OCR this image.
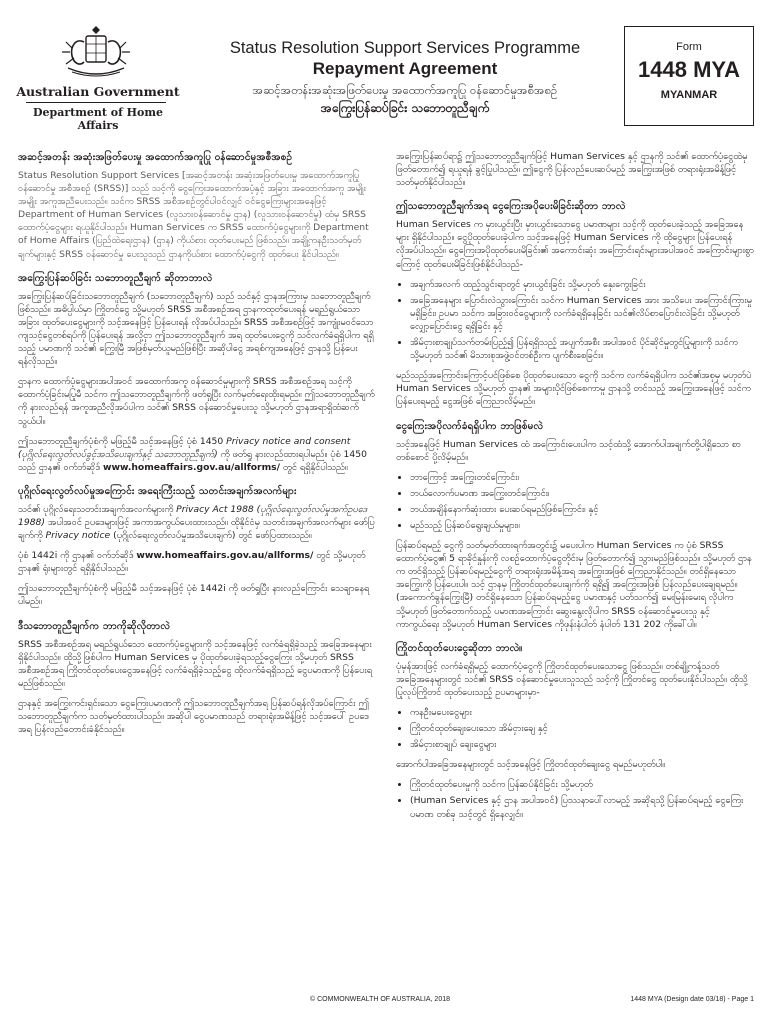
Australian Government
Department of Home Affairs
Status Resolution Support Services Programme
Repayment Agreement
အဆင့်အတန်းအဆုံးအဖြတ်ပေးမှု အထောက်အကူပြု ဝန်ဆောင်မှုအစီအစဉ်
အကြွေးပြန်ဆပ်ခြင်း သဘောတူညီချက်
Form
1448 MYA
MYANMAR
အဆင့်အတန်း အဆုံးအဖြတ်ပေးမှု အထောက်အကူပြု ဝန်ဆောင်မှုအစီအစဉ်

Status Resolution Support Services [အဆင့်အတန်း အဆုံးအဖြတ်ပေးမှု အထောက်အကူပြုဝန်ဆောင်မှု အစီအစဉ် (SRSS)] သည် သင့်ကို ငွေကြေးအထောက်အပံ့နှင့် အခြား အထောက်အကူ အမျိုးအမျိုး အကူအညီပေးသည်။ သင်က SRSS အစီအစဉ်တွင်ပါဝင်လျှင် ဝင်ငွေကြေးများအနေဖြင့် Department of Human Services (လူသားဝန်ဆောင်မှု ဌာန) (လူသားဝန်ဆောင်မှု) ထံမှ SRSS ထောက်ပံ့ငွေများ ရယူနိုင်ပါသည်။ Human Services က SRSS ထောက်ပံ့ငွေများကို Department of Home Affairs (ပြည်ထဲရေးဌာန) (ဌာန) ကိုယ်စား ထုတ်ပေးမည် ဖြစ်သည်။ အချို့ကနဦးသတ်မှတ်ချက်များနှင့် SRSS ဝန်ဆောင်မှု ပေးသူသည် ဌာနကိုယ်စား ထောက်ပံ့ငွေကို ထုတ်ပေး နိုင်ပါသည်။

အကြွေးပြန်ဆပ်ခြင်း သဘောတူညီချက် ဆိုတာဘာလဲ

အကြွေးပြန်ဆပ်ခြင်းသဘောတူညီချက် (သဘောတူညီချက်) သည် သင်နှင့် ဌာနအကြားမှ သဘောတူညီချက်ဖြစ်သည်။ အဓိပ္ပါယ်မှာ ကြိုတင်ငွေ သို့မဟုတ် SRSS အစီအစဉ်အရ ဌာနကထုတ်ပေးရန် မရည်ရွယ်သော အခြား ထုတ်ပေးငွေများကို သင့်အနေဖြင့် ပြန်ပေးရန် လိုအပ်ပါသည်။ SRSS အစီအစဉ်ဖြင့် အကျုံးမဝင်သော ကျသင့်ငွေတစ်ရပ်ကို ပြန်ပေးရန် အလို့ငှာ ဤသဘောတူညီချက် အရ ထုတ်ပေးငွေကို သင်လက်ခံရရှိပါက ရရှိသည့် ပမာဏကို သင်၏ ကြွေးမြီ အဖြစ်မှတ်ယူမည်ဖြစ်ပြီး အဆိုပါငွေ အရစ်ကျအနေဖြင့် ဌာနသို့ ပြန်ပေးရန်လိုသည်။

ဌာနက ထောက်ပံ့ငွေများအပါအဝင် အထောက်အကူ ဝန်ဆောင်မှုများကို SRSS အစီအစဉ်အရ သင့်ကို ထောက်ပံ့ခြင်းမပြုမီ သင်က ဤသဘောတူညီချက်ကို ဖတ်ရှုပြီး လက်မှတ်ရေးထိုးရမည်။ ဤသဘောတူညီချက်ကို နားလည်ရန် အကူအညီလိုအပ်ပါက သင်၏ SRSS ဝန်ဆောင်မှုပေးသူ သို့မဟုတ် ဌာနအရာရှိထံဆက်သွယ်ပါ။

ဤသဘောတူညီချက်ပုံစံကို မဖြည့်မီ သင့်အနေဖြင့် ပုံစံ 1450 Privacy notice and consent (ပုဂ္ဂိုလ်ရေးလွတ်လပ်ခွင့်အသိပေးချက်နှင့် သဘောတူညီချက်) ကို ဖတ်ရှု နားလည်ထားရပါမည်။ ပုံစံ 1450 သည် ဌာန၏ ဝက်ဘ်ဆိုဒ် www.homeaffairs.gov.au/allforms/ တွင် ရရှိနိုင်ပါသည်။

ပုဂ္ဂိုလ်ရေးလွတ်လပ်မှုအကြောင်း အရေးကြီးသည့် သတင်းအချက်အလက်များ

သင်၏ ပုဂ္ဂိုလ်ရေးသတင်းအချက်အလက်များကို Privacy Act 1988 (ပုဂ္ဂိုလ်ရေးလွတ်လပ်မှုအက်ဥပဒေ 1988) အပါအဝင် ဥပဒေများဖြင့် အကာအကွယ်ပေးထားသည်။ ထိုနိုင်ငံမှ သတင်းအချက်အလက်များ ဖော်ပြချက်ကို Privacy notice (ပုဂ္ဂိုလ်ရေးလွတ်လပ်မှုအသိပေးချက်) တွင် ဖော်ပြထားသည်။

ပုံစံ 1442i ကို ဌာန၏ ဝက်ဘ်ဆိုဒ် www.homeaffairs.gov.au/allforms/ တွင် သို့မဟုတ် ဌာန၏ ရုံးများတွင် ရရှိနိုင်ပါသည်။

ဤသဘောတူညီချက်ပုံစံကို မဖြည့်မီ သင့်အနေဖြင့် ပုံစံ 1442i ကို ဖတ်ရှုပြီး နားလည်ကြောင်း သေချာနေရပါမည်။

ဒီသဘောတူညီချက်က ဘာကိုဆိုလိုတာလဲ

SRSS အစီအစဉ်အရ မရည်ရွယ်သော ထောက်ပံ့ငွေများကို သင့်အနေဖြင့် လက်ခံရရှိခဲ့သည့် အခြေအနေများ ရှိနိုင်ပါသည်။ ထိုသို့ဖြစ်ပါက Human Services မှ ပိုထုတ်ပေးခဲ့ရသည့်ငွေကြေး သို့မဟုတ် SRSS အစီအစဉ်အရ ကြိုတင်ထုတ်ပေးငွေအနေဖြင့် လက်ခံရရှိခဲ့သည့်ငွေ ထိုလက်ခံရရှိသည့် ငွေပမာဏကို ပြန်ပေးရမည်ဖြစ်သည်။

ဌာနနှင့် အကြွေးကင်းရှင်းသော ငွေကြေးပမာဏကို ဤသဘောတူညီချက်အရ ပြန်ဆပ်ရန်လိုအပ်ကြောင်း ဤသဘောတူညီချက်က သတ်မှတ်ထားပါသည်။ အဆိုပါ ငွေပမာဏသည် တရားရုံးအမိန့်ဖြင့် သင့်အပေါ် ဥပဒေအရ ပြန်လည်တောင်းခံနိုင်သည်။

အကြွေးပြန်ဆပ်ရာ၌ ဤသဘောတူညီချက်ဖြင့် Human Services နှင့် ဌာနကို သင်၏ ထောက်ပံ့ငွေထဲမှ ဖြတ်တောက်၍ ရယူရန် ခွင့်ပြုပါသည်။ ဤငွေကို ပြန်လည်ပေးဆပ်မည့် အကြွေးအဖြစ် တရားရုံးအမိန့်ဖြင့် သတ်မှတ်နိုင်ပါသည်။

ဤသဘောတူညီချက်အရ ငွေကြေးအပိုပေးမိခြင်းဆိုတာ ဘာလဲ

Human Services က မှားယွင်းပြီး မှားယွင်းသောငွေ ပမာဏများ သင့်ကို ထုတ်ပေးခဲ့သည့် အခြေအနေများ ရှိနိုင်ပါသည်။ ငွေပိုထုတ်ပေးခဲ့ပါက သင့်အနေဖြင့် Human Services ကို ထိုငွေများ ပြန်ပေးရန် လိုအပ်ပါသည်။ ငွေကြေးအပိုထုတ်ပေးမိခြင်း၏ အကောင်းဆုံး အကြောင်းရင်းများအပါအဝင် အကြောင်းများစွာကြောင့် ထုတ်ပေးမိခြင်းဖြစ်နိုင်ပါသည်-

• အချက်အလက် ထည့်သွင်းရာတွင် မှားယွင်းခြင်း သို့မဟုတ် နှေးကွေးခြင်း
• အခြေအနေများ ပြောင်းလဲသွားကြောင်း သင်က Human Services အား အသိပေး အကြောင်းကြားမှု မရှိခြင်း၊ ဥပမာ သင်က အခြားဝင်ငွေများကို လက်ခံရရှိနေခြင်း သင်၏လိပ်စာပြောင်းလဲခြင်း သို့မဟုတ် လျှော့ပြောင်းငွေ ရရှိခြင်း နှင့်
• အိမ်ငှားစာချုပ်သက်တမ်းပြည့်၍ ပြန်ရရှိသည့် အပျက်အစီး အပါအဝင် ပိုင်ဆိုင်မှုတွင်ပြုများကို သင်က သို့မဟုတ် သင်၏ မိသားစုအဖွဲ့ဝင်တစ်ဦးက ပျက်စီးစေခြင်း။

မည်သည့်အကြောင်းကြောင့်ပင်ဖြစ်စေ ပိုထုတ်ပေးသော ငွေကို သင်က လက်ခံရရှိပါက သင်၏အစုမှ မဟုတ်ပဲ Human Services သို့မဟုတ် ဌာန၏ အများပိုင်ဖြစ်စေကာမူ ဌာနသို့ တင်သည့် အကြွေးအနေဖြင့် သင်က ပြန်ပေးရမည့် ငွေအဖြစ် ကြေညာလိမ့်မည်။

ငွေကြေးအပိုလက်ခံရရှိပါက ဘာဖြစ်မလဲ

သင့်အနေဖြင့် Human Services ထံ အကြောင်းပေးပါက သင့်ထံသို့ အောက်ပါအချက်တို့ပါရှိသော စာတစ်စောင် ပို့လိမ့်မည်။

• ဘာကြောင့် အကြွေးတင်ကြောင်း၊
• ဘယ်လောက်ပမာဏ အကြွေးတင်ကြောင်း၊
• ဘယ်အချိန်နောက်ဆုံးထား ပေးဆပ်ရမည်ဖြစ်ကြောင်း၊ နှင့်
• မည်သည့် ပြန်ဆပ်ရွေးချယ်မှုများ။

ပြန်ဆပ်ရမည့် ငွေကို သတ်မှတ်ထားရက်အတွင်း၌ မပေးပါက Human Services က ပုံစံ SRSS ထောက်ပံ့ငွေ၏ 5 ရာခိုင်နှုန်းကို လစဉ်ထောက်ပံ့ငွေတိုင်းမှ ဖြတ်တောက်၍ သွားမည်ဖြစ်သည်။ သို့မဟုတ် ဌာနက တင်ရှိသည့် ပြန်ဆပ်ရမည့်ငွေကို တရားရုံးအမိန့်အရ အကြွေးအဖြစ် ကြေညာနိုင်သည်။ တင်ရှိနေသော အကြွေးကို ပြန်ပေးပါ။ သင့် ဌာနမှ ကြိုတင်ထုတ်ပေးချက်ကို ရရှိ၍ အကြွေးအဖြစ် ပြန်လည်ပေးချေရမည်။ (အကောက်ခွန်ကြွေးမြီ) တင်ရှိနေသော ပြန်ဆပ်ရမည့်ငွေ ပမာဏနှင့် ပတ်သက်၍ မေးမြန်းမေးရ လိုပါက သို့မဟုတ် ဖြတ်တောက်သည့် ပမာဏအကြောင်း ဆွေးနွေးလိုပါက SRSS ဝန်ဆောင်မှုပေးသူ နှင့် ကာကွယ်ရေး သို့မဟုတ် Human Services ကိုဖုန်းနံပါတ် နံပါတ် 131 202 ကိုခေါ်ပါ။

ကြိုတင်ထုတ်ပေးငွေဆိုတာ ဘာလဲ။

ပုံမှန်အားဖြင့် လက်ခံရရှိမည့် ထောက်ပံ့ငွေကို ကြိုတင်ထုတ်ပေးသောငွေ ဖြစ်သည်။ တစ်ချို့ကန့်သတ် အခြေအနေများတွင် သင်၏ SRSS ဝန်ဆောင်မှုပေးသူသည် သင့်ကို ကြိုတင်ငွေ ထုတ်ပေးနိုင်ပါသည်။ ထိုသို့ပြုလုပ်ကြိုတင် ထုတ်ပေးသည့် ဥပမာများမှာ-

• ကနဦးမပေးငွေများ
• ကြိုတင်ထုတ်ချေးပေးသော အိမ်ငှားချေ နှင့်
• အိမ်ငှားစာချုပ် ချေးငွေများ

အောက်ပါအခြေအနေများတွင် သင့်အနေဖြင့် ကြိုတင်ထုတ်ချေးငွေ ရမည်မဟုတ်ပါ။

• ကြိုတင်ထုတ်ပေးမှုကို သင်က ပြန်ဆပ်နိုင်ခြင်း သို့မဟုတ်
• (Human Services နှင့် ဌာန အပါအဝင်) ပြဿနာပေါ်လာမည့် အဆိုရသို့ ပြန်ဆပ်ရမည့် ငွေကြေးပမာဏ တစ်ခု သင့်တွင် ရှိနေလျှင်။
© COMMONWEALTH OF AUSTRALIA, 2018	1448 MYA (Design date 03/18) - Page 1
